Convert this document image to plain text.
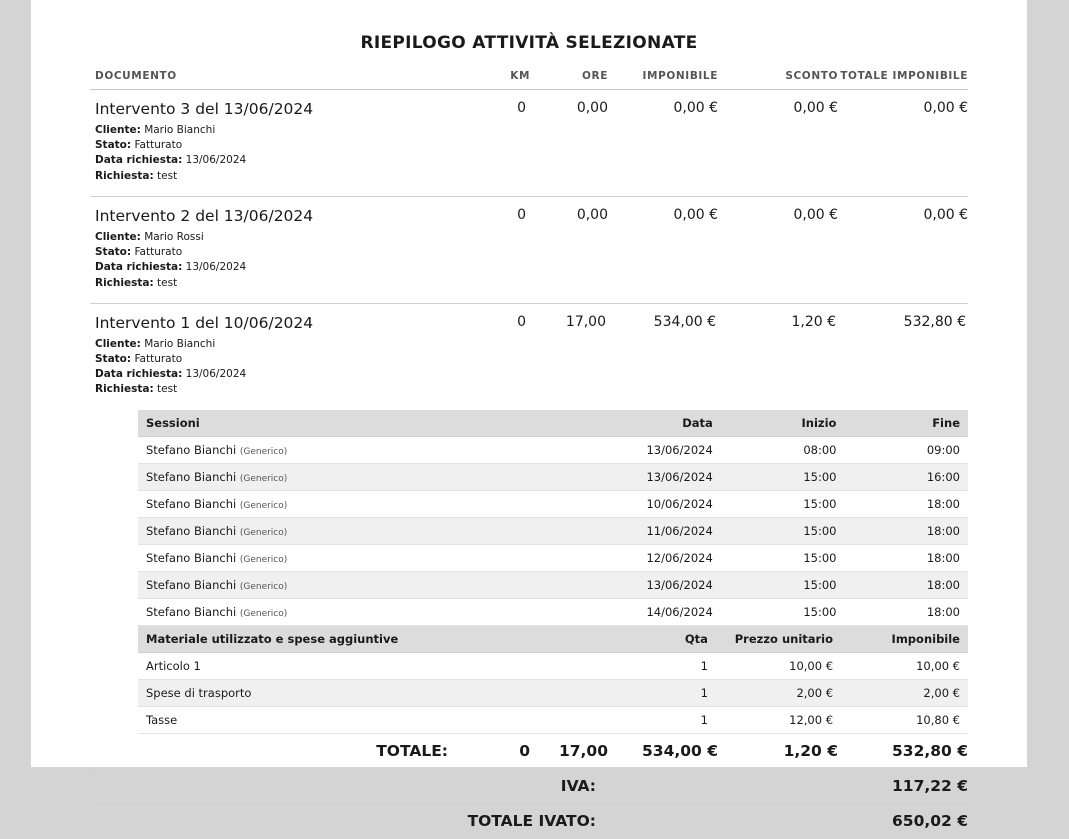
RIEPILOGO ATTIVITÀ SELEZIONATE
DOCUMENTO	KM	ORE	IMPONIBILE	SCONTO	TOTALE IMPONIBILE

Intervento 3 del 13/06/2024
Cliente: Mario Bianchi
Stato: Fatturato
Data richiesta: 13/06/2024
Richiesta: test
	0	0,00	0,00 €	0,00 €	0,00 €

Intervento 2 del 13/06/2024
Cliente: Mario Rossi
Stato: Fatturato
Data richiesta: 13/06/2024
Richiesta: test
	0	0,00	0,00 €	0,00 €	0,00 €

Intervento 1 del 10/06/2024
Cliente: Mario Bianchi
Stato: Fatturato
Data richiesta: 13/06/2024
Richiesta: test
	0	17,00	534,00 €	1,20 €	532,80 €

Sessioni	Data	Inizio	Fine
Stefano Bianchi (Generico)	13/06/2024	08:00	09:00
Stefano Bianchi (Generico)	13/06/2024	15:00	16:00
Stefano Bianchi (Generico)	10/06/2024	15:00	18:00
Stefano Bianchi (Generico)	11/06/2024	15:00	18:00
Stefano Bianchi (Generico)	12/06/2024	15:00	18:00
Stefano Bianchi (Generico)	13/06/2024	15:00	18:00
Stefano Bianchi (Generico)	14/06/2024	15:00	18:00
Materiale utilizzato e spese aggiuntive	Qta	Prezzo unitario	Imponibile
Articolo 1	1	10,00 €	10,00 €
Spese di trasporto	1	2,00 €	2,00 €
Tasse	1	12,00 €	10,80 €
TOTALE:	0	17,00	534,00 €	1,20 €	532,80 €
IVA:					117,22 €
TOTALE IVATO:					650,02 €
